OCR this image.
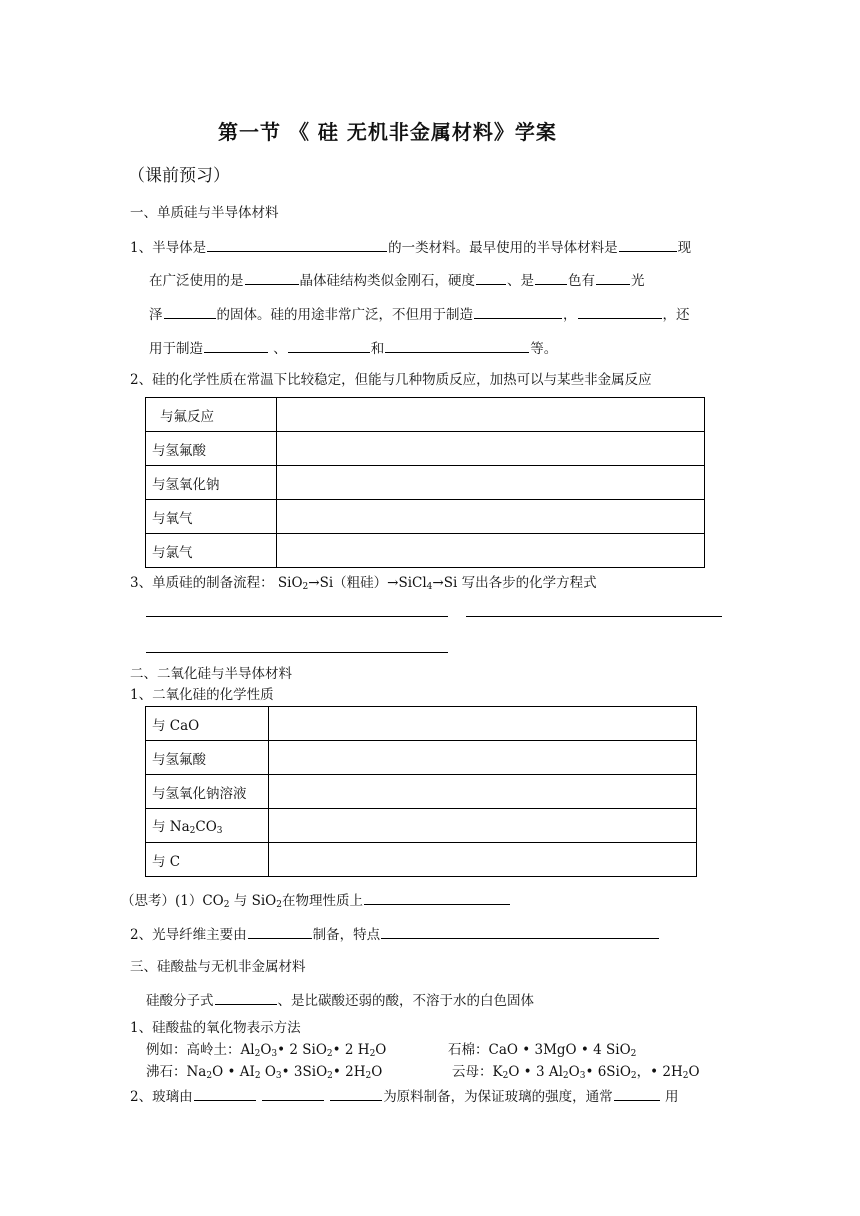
第一节 《 硅 无机非金属材料》学案
（课前预习）
一、单质硅与半导体材料
1、半导体是	的一类材料。最早使用的半导体材料是	现
在广泛使用的是	晶体硅结构类似金刚石，硬度 、是	色有	光
泽	的固体。硅的用途非常广泛，不但用于制造	，	，还
用于制造	、	和	等。
2、硅的化学性质在常温下比较稳定，但能与几种物质反应，加热可以与某些非金属反应
与氟反应	
与氢氟酸	
与氢氧化钠	
与氧气	
与氯气	
3、单质硅的制备流程： SiO$_2$→Si（粗硅）→SiCl$_4$→Si 写出各步的化学方程式
二、二氧化硅与半导体材料
1、二氧化硅的化学性质
与 CaO	
与氢氟酸	
与氢氧化钠溶液	
与 $Na_2CO_3$	
与 C	
（思考）$(1)CO_2$ 与 SiO$_2$在物理性质上
2、光导纤维主要由	制备，特点
三、硅酸盐与无机非金属材料
硅酸分子式	、是比碳酸还弱的酸，不溶于水的白色固体
1、硅酸盐的氧化物表示方法
例如：高岭土：$Al_2O_3•$ 2 SiO$_2$• 2 $H_2O$	石棉：CaO • 3MgO • 4 SiO$_2$
沸石：$Na_2O$ • $AI_2$ $O_3•$ 3SiO$_2$• $2H_2O$	云母：$K_2O$ • 3 $Al_2O_3•$ 6SiO$_2$，• $2H_2O$
2、玻璃由	为原料制备，为保证玻璃的强度，通常	用
